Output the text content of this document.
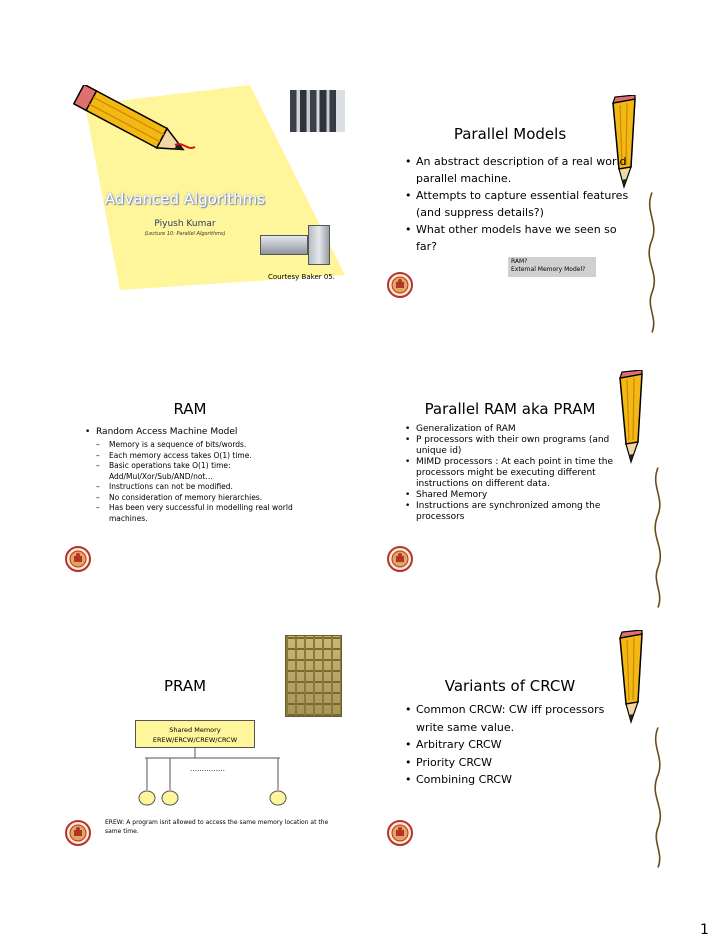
Advanced Algorithms
Piyush Kumar
(Lecture 10: Parallel Algorithms)
Courtesy Baker 05.
Parallel Models
• An abstract description of a real world parallel machine.
• Attempts to capture essential features (and suppress details?)
• What other models have we seen so far?
RAM?
External Memory Model?
RAM
• Random Access Machine Model
– Memory is a sequence of bits/words.
– Each memory access takes O(1) time.
– Basic operations take O(1) time: Add/Mul/Xor/Sub/AND/not…
– Instructions can not be modified.
– No consideration of memory hierarchies.
– Has been very successful in modelling real world machines.
Parallel RAM aka PRAM
• Generalization of RAM
• P processors with their own programs (and unique id)
• MIMD processors : At each point in time the processors might be executing different instructions on different data.
• Shared Memory
• Instructions are synchronized among the processors
PRAM
Shared Memory
EREW/ERCW/CREW/CRCW
……………
EREW: A program isnt allowed to access the same memory location at the same time.
Variants of CRCW
• Common CRCW: CW iff processors write same value.
• Arbitrary CRCW
• Priority CRCW
• Combining CRCW
1
